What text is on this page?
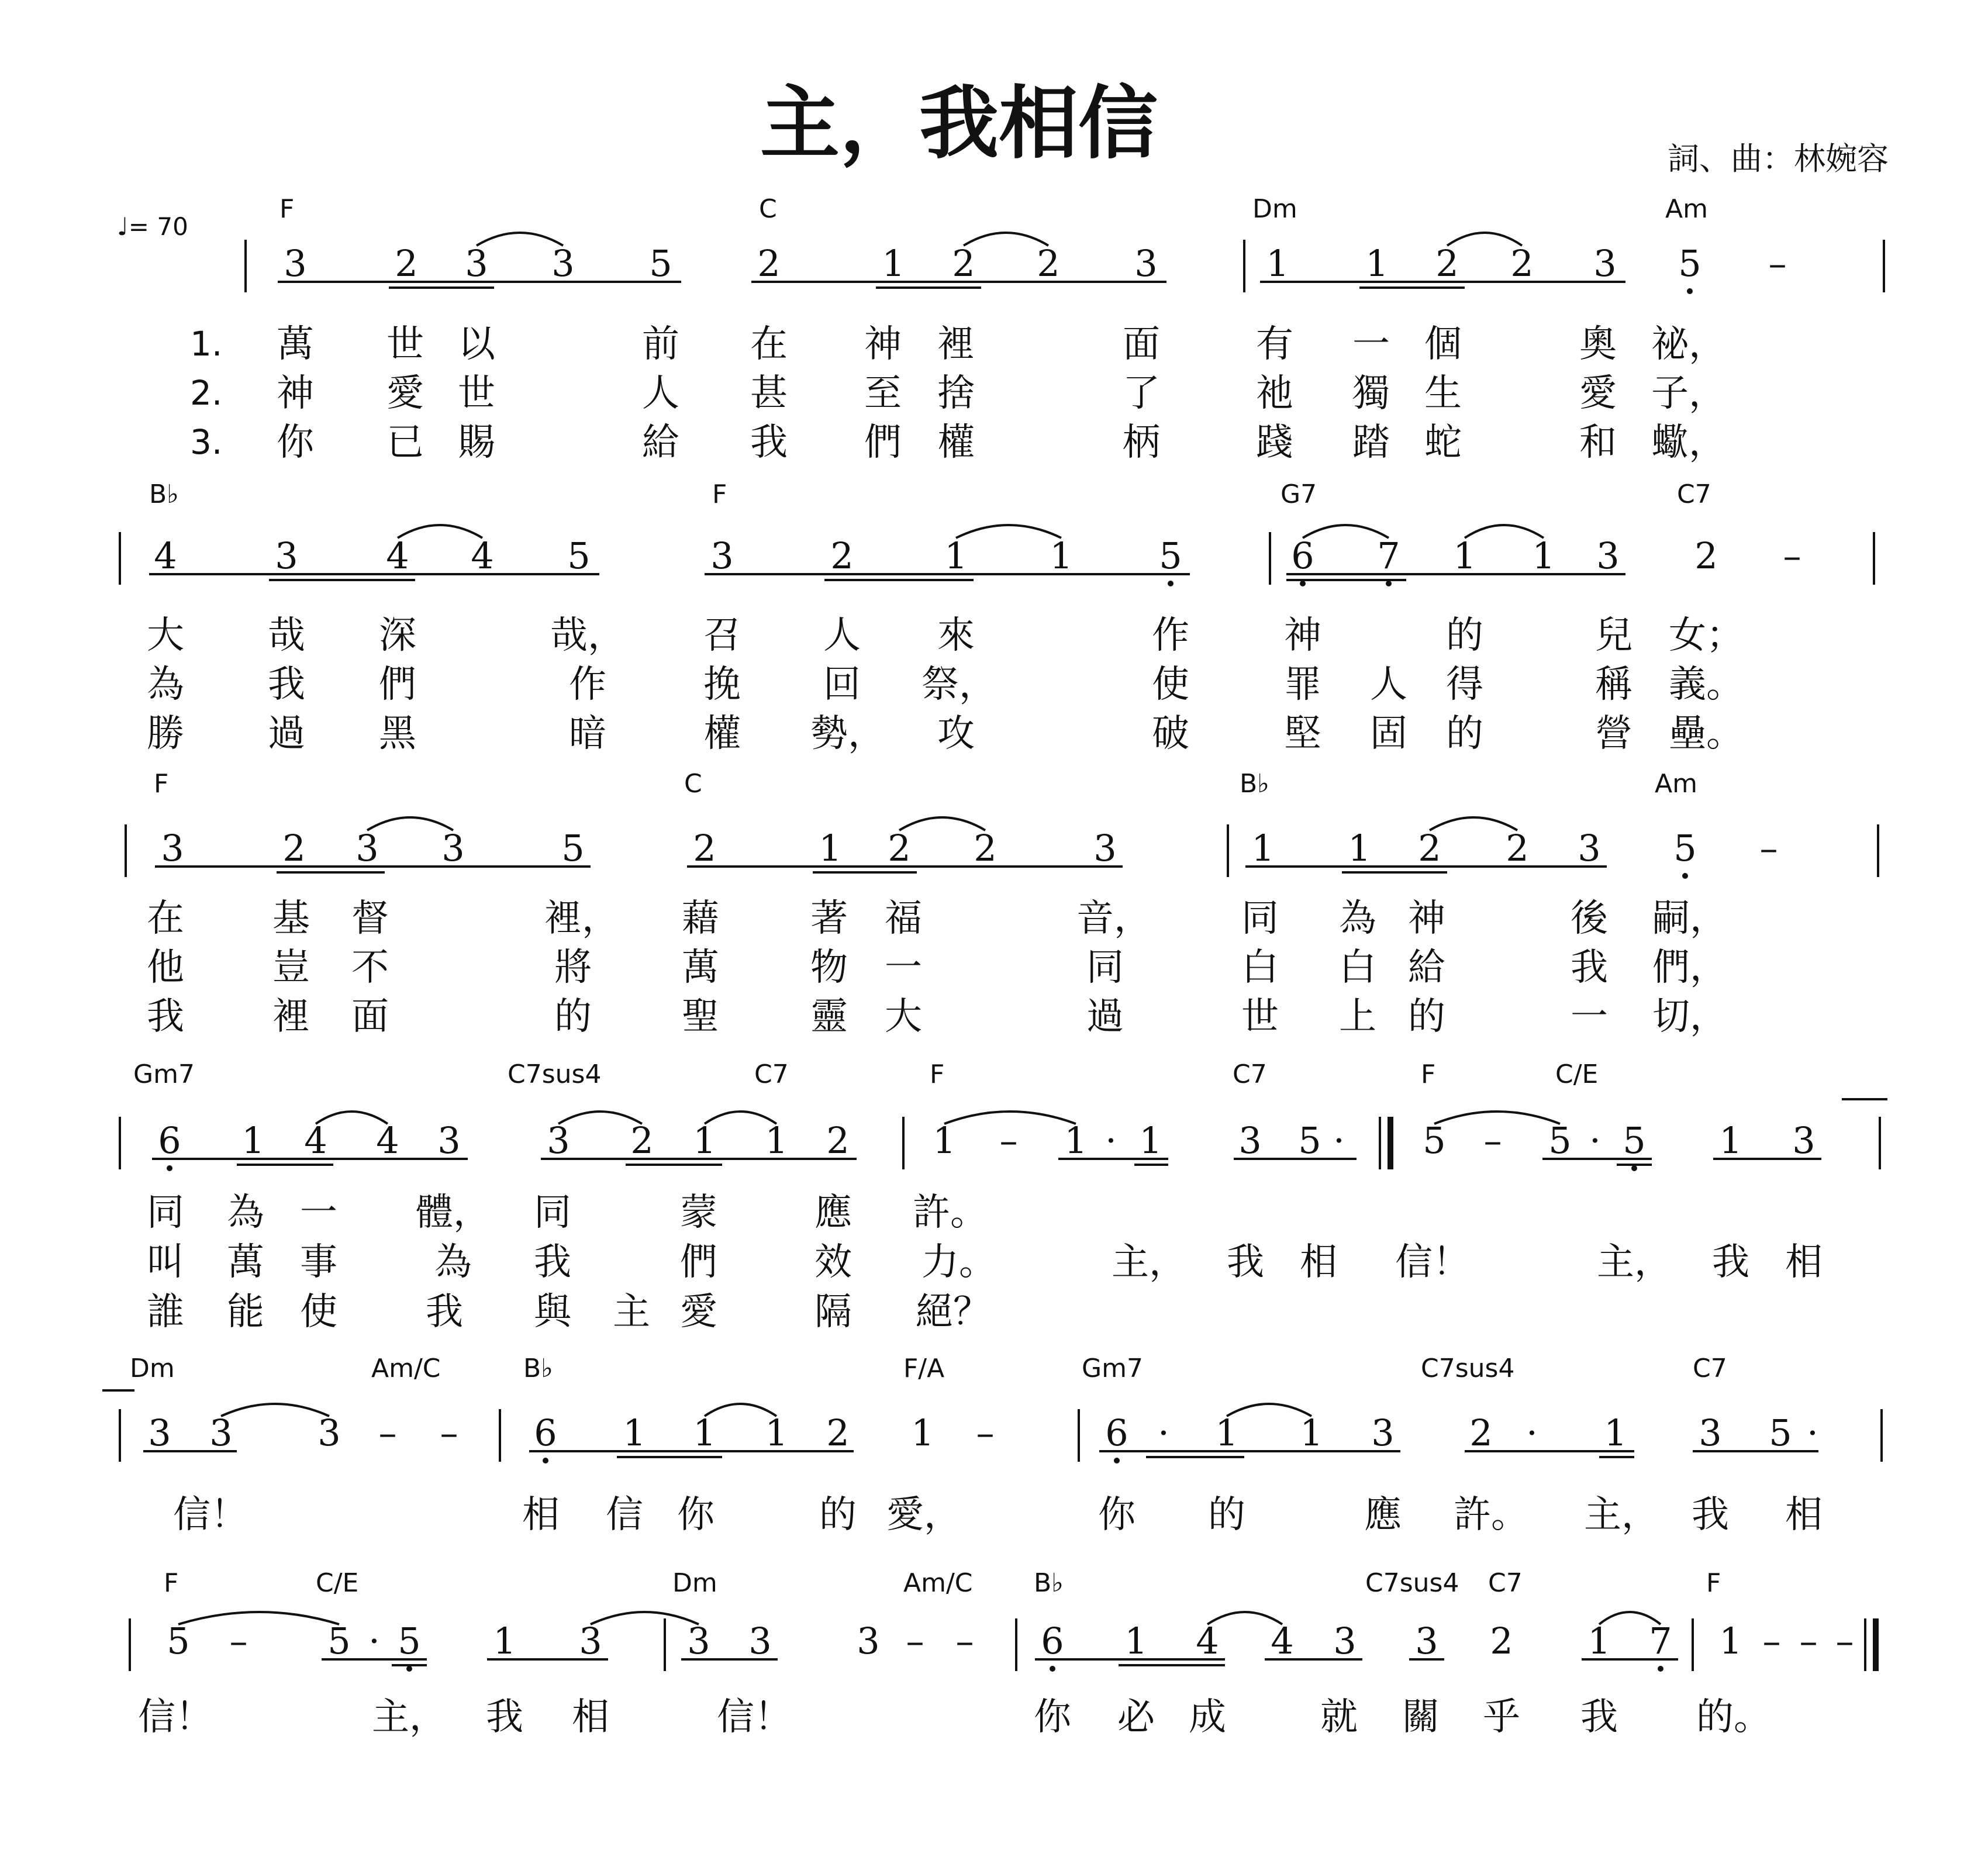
主，我相信	詞、曲：林婉容
♩= 70
F	C	Dm	Am
3 2 3 3 5 2	1 2 2 3	1 1 2 2 3 5 –
1.
2.
3.
萬 世 以	前 在 神 裡	面	有 一 個	奧 祕，
神 愛 世	人 甚 至 捨	了	祂 獨 生	愛 子，
你 已 賜	給 我 們 權	柄	踐 踏 蛇	和 蠍，
B♭	F	G7	C7
4	3 4 4 5	3	2	1 1 5	6 7 1 1 3 2 –
大 哉 深	哉， 召 人 來	作	神	的	兒 女；
為 我 們	作	挽 回 祭，	使	罪 人 得	稱 義。
勝 過 黑	暗	權 勢， 攻	破	堅 固 的	營 壘。
F	C	B♭	Am
3	2 3 3	5	2	1 2 2	3	1 1 2 2 3 5 –
在 基 督	裡， 藉 著 福	音， 同 為 神	後 嗣，
他 豈 不	將 萬 物 一	同	白 白 給	我 們，
我 裡 面	的 聖 靈 大	過	世 上 的	一 切，
Gm7	C7sus4	C7	F	C7	F	C/E
6 1 4 4 3 3 2 1 1 2 1 – 1 · 1 3 5 · 5 – 5 · 5 1 3
同 為 一 體， 同	蒙	應 許。
叫 萬 事	為 我	們	效 力。	主， 我 相 信！	主， 我 相
誰 能 使 我 與 主 愛	隔 絕？
Dm	Am/C	B♭	F/A	Gm7	C7sus4	C7
3 3 3 – – 6 1 1 1 2 1 –	6 · 1 1 3 2 · 1 3 5 ·
信！	相 信 你	的 愛，	你 的	應 許。 主， 我 相
F	C/E	Dm	Am/C B♭	C7sus4 C7	F
5 – 5 · 5 1 3 3 3 3 – – 6 1 4 4 3 3 2 1 7 1 – – –
信！	主， 我 相	信！	你 必 成	就 關 乎 我 的。
